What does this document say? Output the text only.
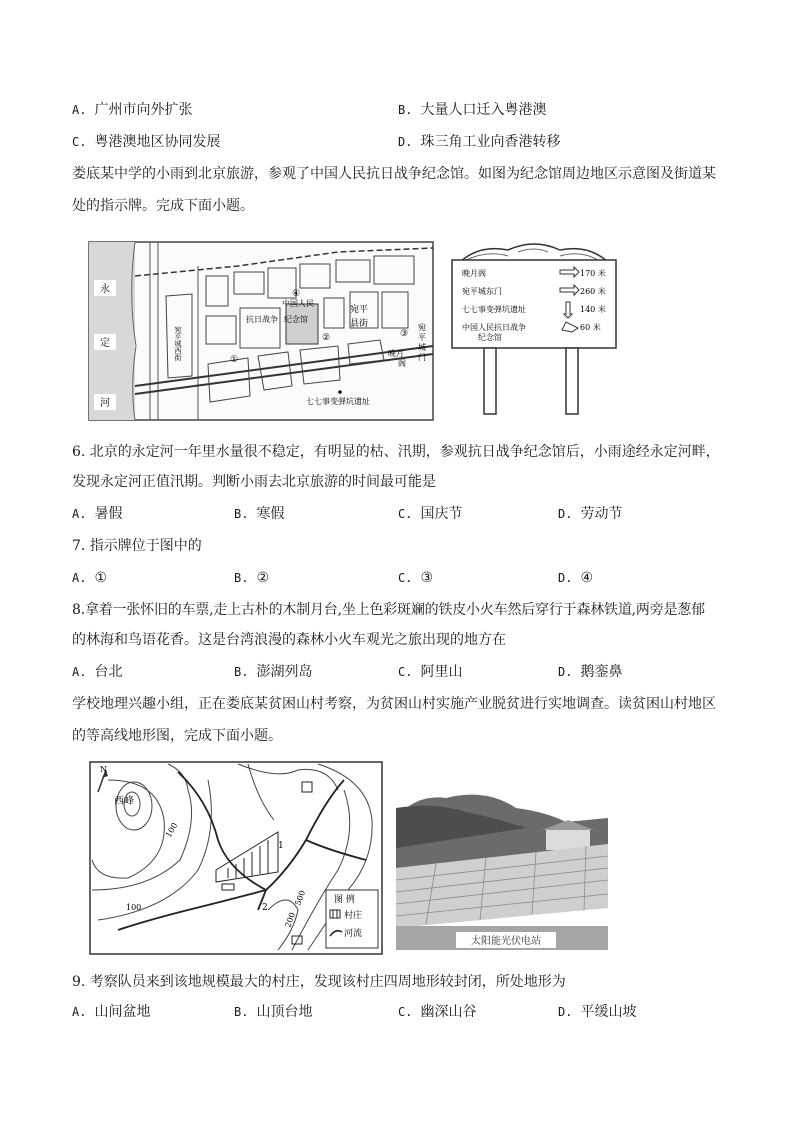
A. 广州市向外扩张	B. 大量人口迁入粤港澳
C. 粤港澳地区协同发展	D. 珠三角工业向香港转移
娄底某中学的小雨到北京旅游，参观了中国人民抗日战争纪念馆。如图为纪念馆周边地区示意图及街道某
处的指示牌。完成下面小题。
永
定
河
宛平城西街
中国人民
抗日战争 纪念馆
宛平
县街	宛
平
城
门
晚月
阁
④
②	③
①
七七事变弹坑遗址
晚月阁
宛平城东门
七七事变弹坑遗址
中国人民抗日战争
纪念馆
170 米
260 米
140 米
60 米
6. 北京的永定河一年里水量很不稳定，有明显的枯、汛期，参观抗日战争纪念馆后，小雨途经永定河畔，
发现永定河正值汛期。判断小雨去北京旅游的时间最可能是
A. 暑假	B. 寒假	C. 国庆节	D. 劳动节
7. 指示牌位于图中的
A. ①	B. ②	C. ③	D. ④
8.拿着一张怀旧的车票,走上古朴的木制月台,坐上色彩斑斓的铁皮小火车然后穿行于森林铁道,两旁是葱郁
的林海和鸟语花香。这是台湾浪漫的森林小火车观光之旅出现的地方在
A. 台北	B. 澎湖列岛	C. 阿里山	D. 鹅銮鼻
学校地理兴趣小组，正在娄底某贫困山村考察，为贫困山村实施产业脱贫进行实地调查。读贫困山村地区
的等高线地形图，完成下面小题。
N
西峰
100
100
200
500
1
2
图 例
村庄
河流
太阳能光伏电站
9. 考察队员来到该地规模最大的村庄，发现该村庄四周地形较封闭，所处地形为
A. 山间盆地	B. 山顶台地	C. 幽深山谷	D. 平缓山坡
